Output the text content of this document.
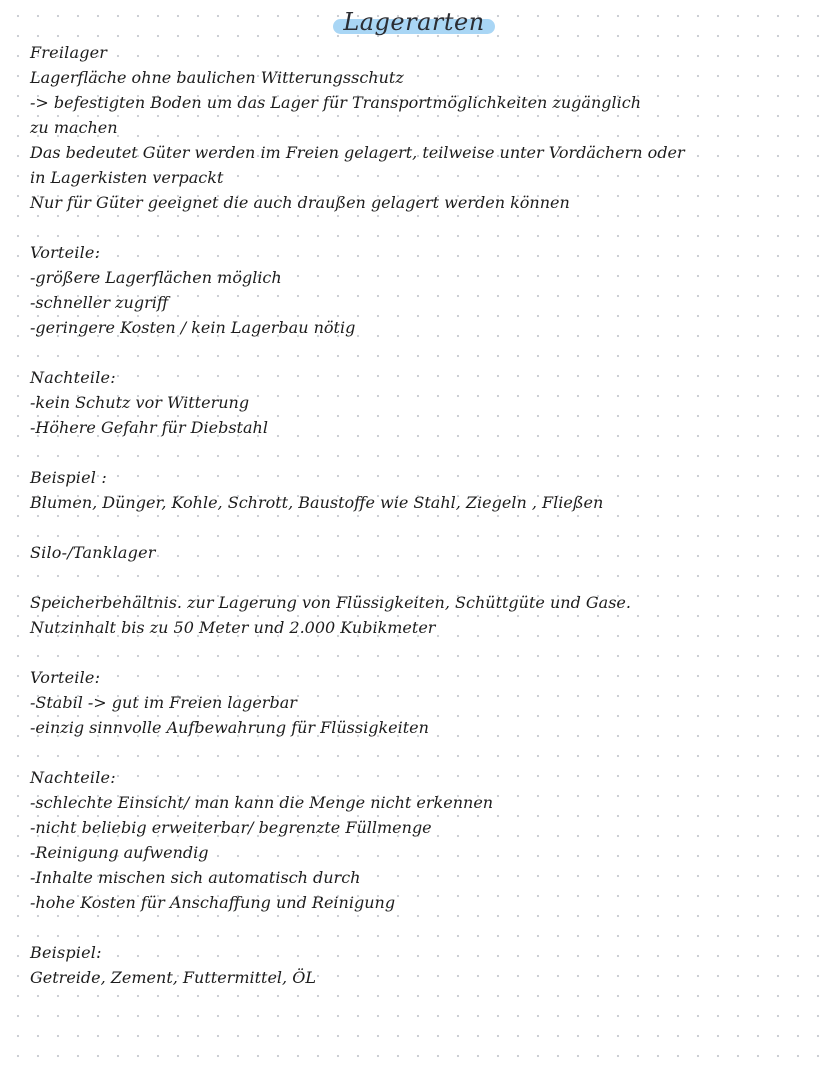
Lagerarten
Freilager
Lagerfläche ohne baulichen Witterungsschutz
-> befestigten Boden um das Lager für Transportmöglichkeiten zugänglich
zu machen
Das bedeutet Güter werden im Freien gelagert, teilweise unter Vordächern oder
in Lagerkisten verpackt
Nur für Güter geeignet die auch draußen gelagert werden können
Vorteile:
-größere Lagerflächen möglich
-schneller zugriff
-geringere Kosten / kein Lagerbau nötig
Nachteile:
-kein Schutz vor Witterung
-Höhere Gefahr für Diebstahl
Beispiel :
Blumen, Dünger, Kohle, Schrott, Baustoffe wie Stahl, Ziegeln , Fließen
Silo-/Tanklager
Speicherbehältnis. zur Lagerung von Flüssigkeiten, Schüttgüte und Gase.
Nutzinhalt bis zu 50 Meter und 2.000 Kubikmeter
Vorteile:
-Stabil -> gut im Freien lagerbar
-einzig sinnvolle Aufbewahrung für Flüssigkeiten
Nachteile:
-schlechte Einsicht/ man kann die Menge nicht erkennen
-nicht beliebig erweiterbar/ begrenzte Füllmenge
-Reinigung aufwendig
-Inhalte mischen sich automatisch durch
-hohe Kosten für Anschaffung und Reinigung
Beispiel:
Getreide, Zement, Futtermittel, ÖL
